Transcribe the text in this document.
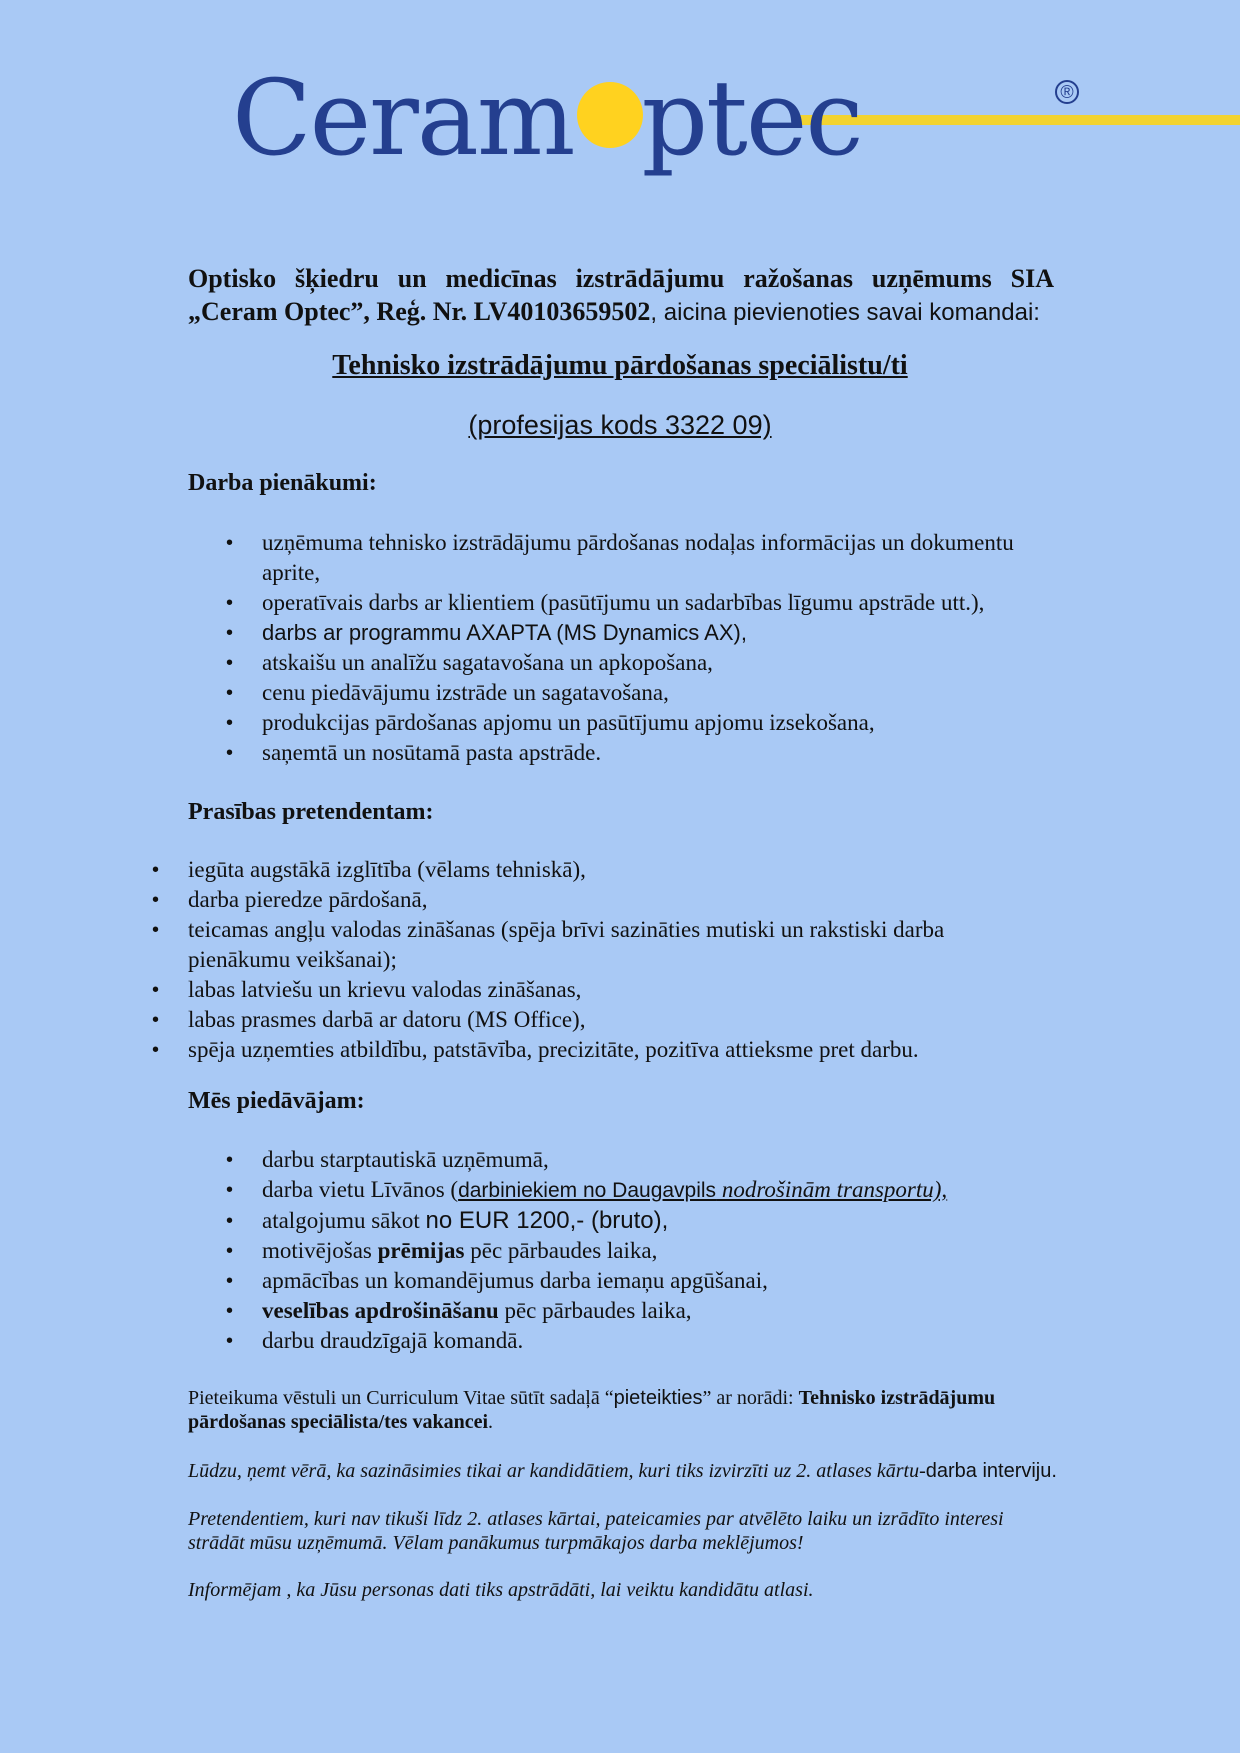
Ceram ptec	®
Optisko šķiedru un medicīnas izstrādājumu ražošanas uzņēmums SIA „Ceram Optec”, Reģ. Nr. LV40103659502, aicina pievienoties savai komandai:
Tehnisko izstrādājumu pārdošanas speciālistu/ti
(profesijas kods 3322 09)
Darba pienākumi:
• uzņēmuma tehnisko izstrādājumu pārdošanas nodaļas informācijas un dokumentu aprite,
• operatīvais darbs ar klientiem (pasūtījumu un sadarbības līgumu apstrāde utt.),
• darbs ar programmu AXAPTA (MS Dynamics AX),
• atskaišu un analīžu sagatavošana un apkopošana,
• cenu piedāvājumu izstrāde un sagatavošana,
• produkcijas pārdošanas apjomu un pasūtījumu apjomu izsekošana,
• saņemtā un nosūtamā pasta apstrāde.
Prasības pretendentam:
• iegūta augstākā izglītība (vēlams tehniskā),
• darba pieredze pārdošanā,
• teicamas angļu valodas zināšanas (spēja brīvi sazināties mutiski un rakstiski darba pienākumu veikšanai);
• labas latviešu un krievu valodas zināšanas,
• labas prasmes darbā ar datoru (MS Office),
• spēja uzņemties atbildību, patstāvība, precizitāte, pozitīva attieksme pret darbu.
Mēs piedāvājam:
• darbu starptautiskā uzņēmumā,
• darba vietu Līvānos (darbiniekiem no Daugavpils nodrošinām transportu),
• atalgojumu sākot no EUR 1200,- (bruto),
• motivējošas prēmijas pēc pārbaudes laika,
• apmācības un komandējumus darba iemaņu apgūšanai,
• veselības apdrošināšanu pēc pārbaudes laika,
• darbu draudzīgajā komandā.
Pieteikuma vēstuli un Curriculum Vitae sūtīt sadaļā “pieteikties” ar norādi: Tehnisko izstrādājumu pārdošanas speciālista/tes vakancei.
Lūdzu, ņemt vērā, ka sazināsimies tikai ar kandidātiem, kuri tiks izvirzīti uz 2. atlases kārtu-darba interviju.
Pretendentiem, kuri nav tikuši līdz 2. atlases kārtai, pateicamies par atvēlēto laiku un izrādīto interesi strādāt mūsu uzņēmumā. Vēlam panākumus turpmākajos darba meklējumos!
Informējam , ka Jūsu personas dati tiks apstrādāti, lai veiktu kandidātu atlasi.
